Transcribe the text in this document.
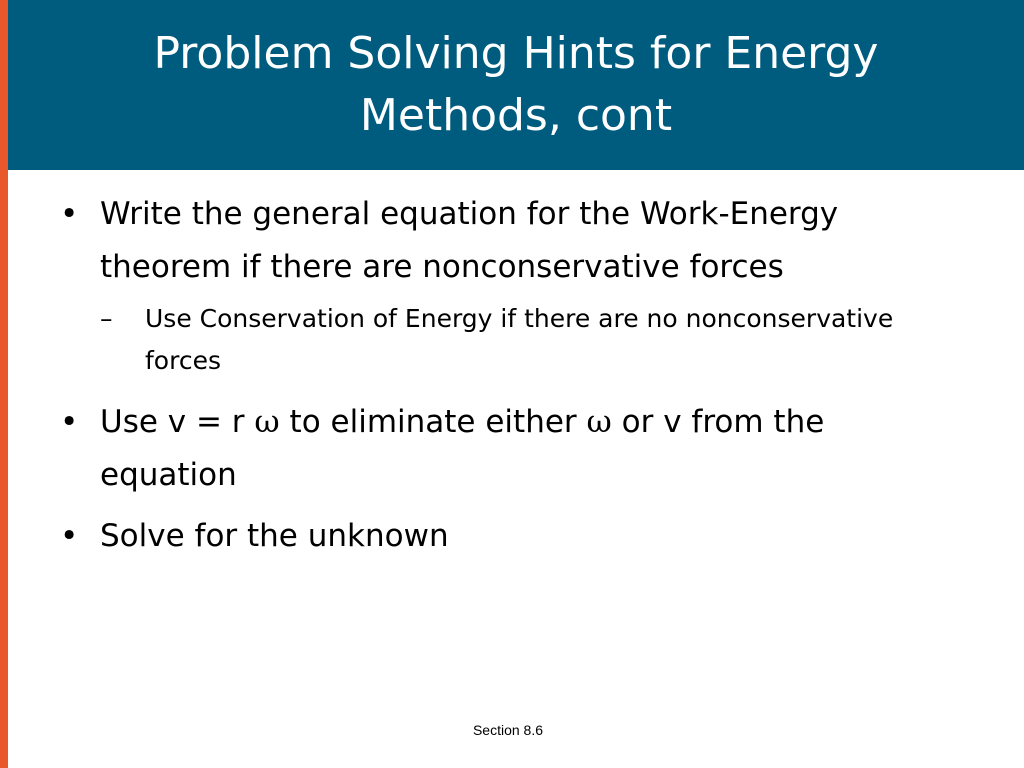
Problem Solving Hints for Energy Methods, cont
• Write the general equation for the Work-Energy theorem if there are nonconservative forces
–	Use Conservation of Energy if there are no nonconservative forces
• Use v = r ω to eliminate either ω or v from the equation
• Solve for the unknown
Section 8.6
